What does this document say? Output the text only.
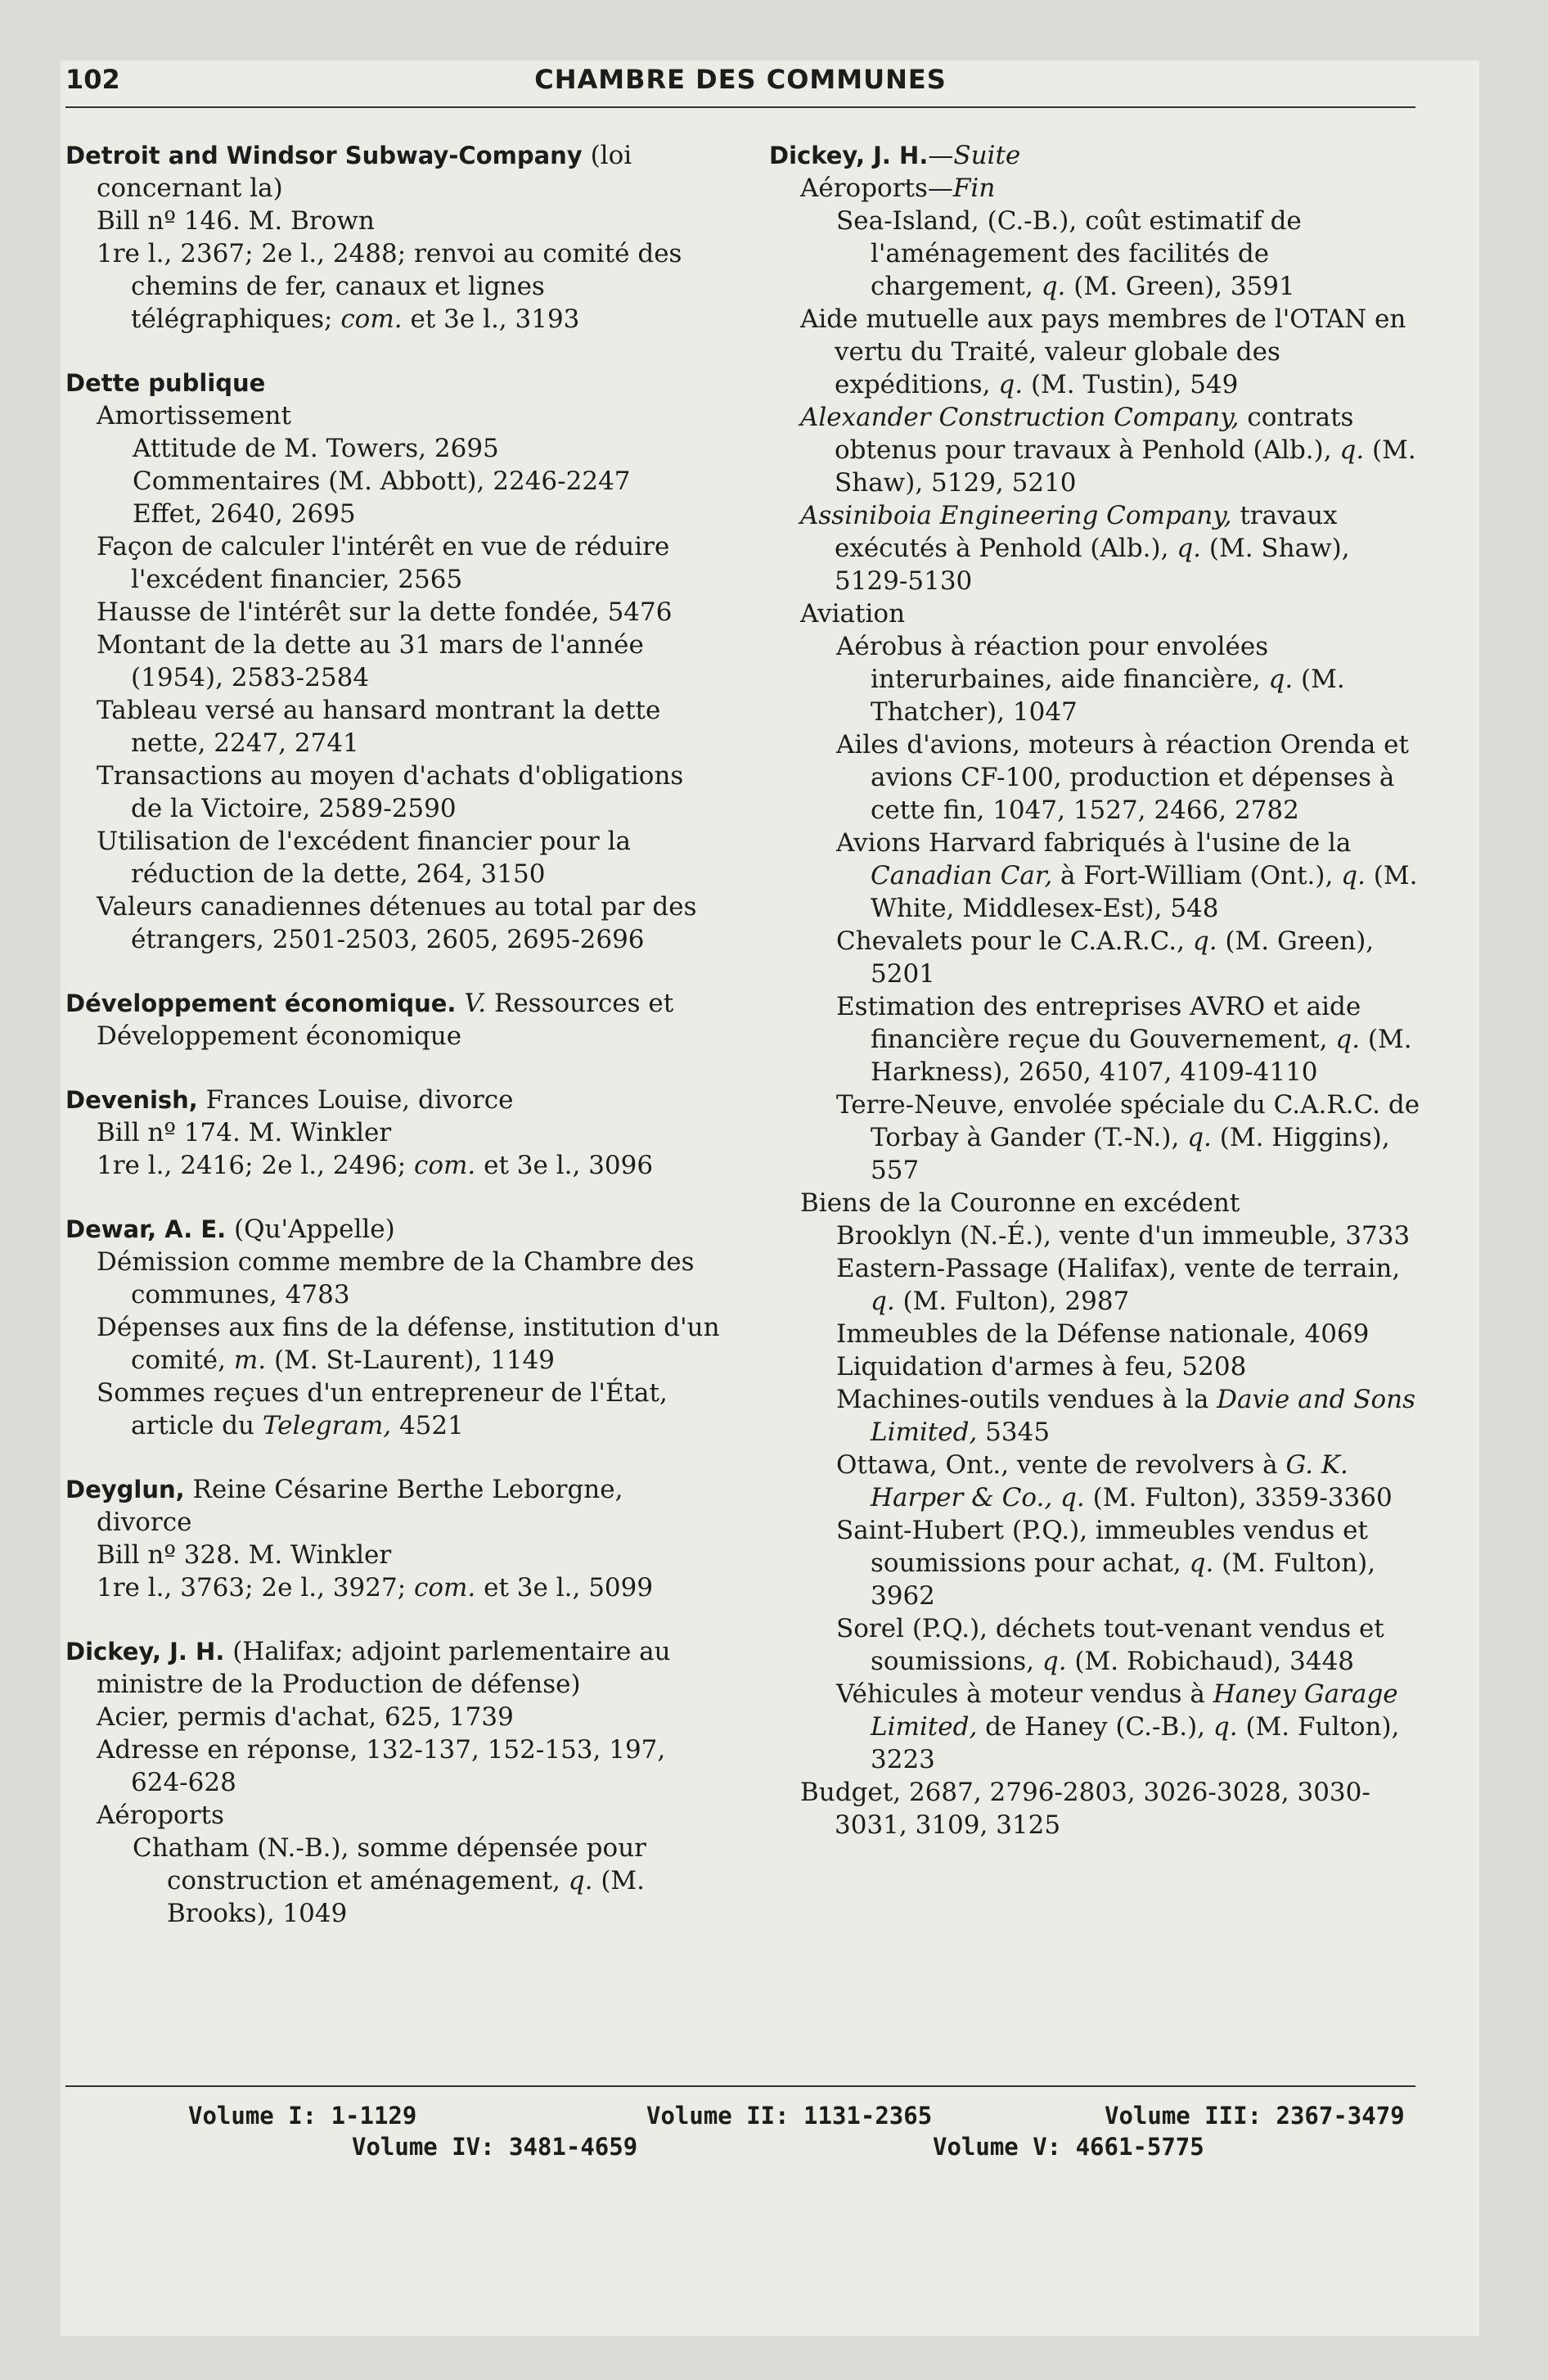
102	CHAMBRE DES COMMUNES
Detroit and Windsor Subway-Company (loi concernant la)
Bill nº 146. M. Brown
1re l., 2367; 2e l., 2488; renvoi au comité des chemins de fer, canaux et lignes télégraphiques; com. et 3e l., 3193
Dette publique
Amortissement
Attitude de M. Towers, 2695
Commentaires (M. Abbott), 2246-2247
Effet, 2640, 2695
Façon de calculer l'intérêt en vue de réduire l'excédent financier, 2565
Hausse de l'intérêt sur la dette fondée, 5476
Montant de la dette au 31 mars de l'année (1954), 2583-2584
Tableau versé au hansard montrant la dette nette, 2247, 2741
Transactions au moyen d'achats d'obligations de la Victoire, 2589-2590
Utilisation de l'excédent financier pour la réduction de la dette, 264, 3150
Valeurs canadiennes détenues au total par des étrangers, 2501-2503, 2605, 2695-2696
Développement économique. V. Ressources et Développement économique
Devenish, Frances Louise, divorce
Bill nº 174. M. Winkler
1re l., 2416; 2e l., 2496; com. et 3e l., 3096
Dewar, A. E. (Qu'Appelle)
Démission comme membre de la Chambre des communes, 4783
Dépenses aux fins de la défense, institution d'un comité, m. (M. St-Laurent), 1149
Sommes reçues d'un entrepreneur de l'État, article du Telegram, 4521
Deyglun, Reine Césarine Berthe Leborgne, divorce
Bill nº 328. M. Winkler
1re l., 3763; 2e l., 3927; com. et 3e l., 5099
Dickey, J. H. (Halifax; adjoint parlementaire au ministre de la Production de défense)
Acier, permis d'achat, 625, 1739
Adresse en réponse, 132-137, 152-153, 197, 624-628
Aéroports
Chatham (N.-B.), somme dépensée pour construction et aménagement, q. (M. Brooks), 1049
Dickey, J. H.—Suite
Aéroports—Fin
Sea-Island, (C.-B.), coût estimatif de l'aménagement des facilités de chargement, q. (M. Green), 3591
Aide mutuelle aux pays membres de l'OTAN en vertu du Traité, valeur globale des expéditions, q. (M. Tustin), 549
Alexander Construction Company, contrats obtenus pour travaux à Penhold (Alb.), q. (M. Shaw), 5129, 5210
Assiniboia Engineering Company, travaux exécutés à Penhold (Alb.), q. (M. Shaw), 5129-5130
Aviation
Aérobus à réaction pour envolées interurbaines, aide financière, q. (M. Thatcher), 1047
Ailes d'avions, moteurs à réaction Orenda et avions CF-100, production et dépenses à cette fin, 1047, 1527, 2466, 2782
Avions Harvard fabriqués à l'usine de la Canadian Car, à Fort-William (Ont.), q. (M. White, Middlesex-Est), 548
Chevalets pour le C.A.R.C., q. (M. Green), 5201
Estimation des entreprises AVRO et aide financière reçue du Gouvernement, q. (M. Harkness), 2650, 4107, 4109-4110
Terre-Neuve, envolée spéciale du C.A.R.C. de Torbay à Gander (T.-N.), q. (M. Higgins), 557
Biens de la Couronne en excédent
Brooklyn (N.-É.), vente d'un immeuble, 3733
Eastern-Passage (Halifax), vente de terrain, q. (M. Fulton), 2987
Immeubles de la Défense nationale, 4069
Liquidation d'armes à feu, 5208
Machines-outils vendues à la Davie and Sons Limited, 5345
Ottawa, Ont., vente de revolvers à G. K. Harper & Co., q. (M. Fulton), 3359-3360
Saint-Hubert (P.Q.), immeubles vendus et soumissions pour achat, q. (M. Fulton), 3962
Sorel (P.Q.), déchets tout-venant vendus et soumissions, q. (M. Robichaud), 3448
Véhicules à moteur vendus à Haney Garage Limited, de Haney (C.-B.), q. (M. Fulton), 3223
Budget, 2687, 2796-2803, 3026-3028, 3030-3031, 3109, 3125
Volume I: 1-1129	Volume II: 1131-2365	Volume III: 2367-3479
Volume IV: 3481-4659	Volume V: 4661-5775
